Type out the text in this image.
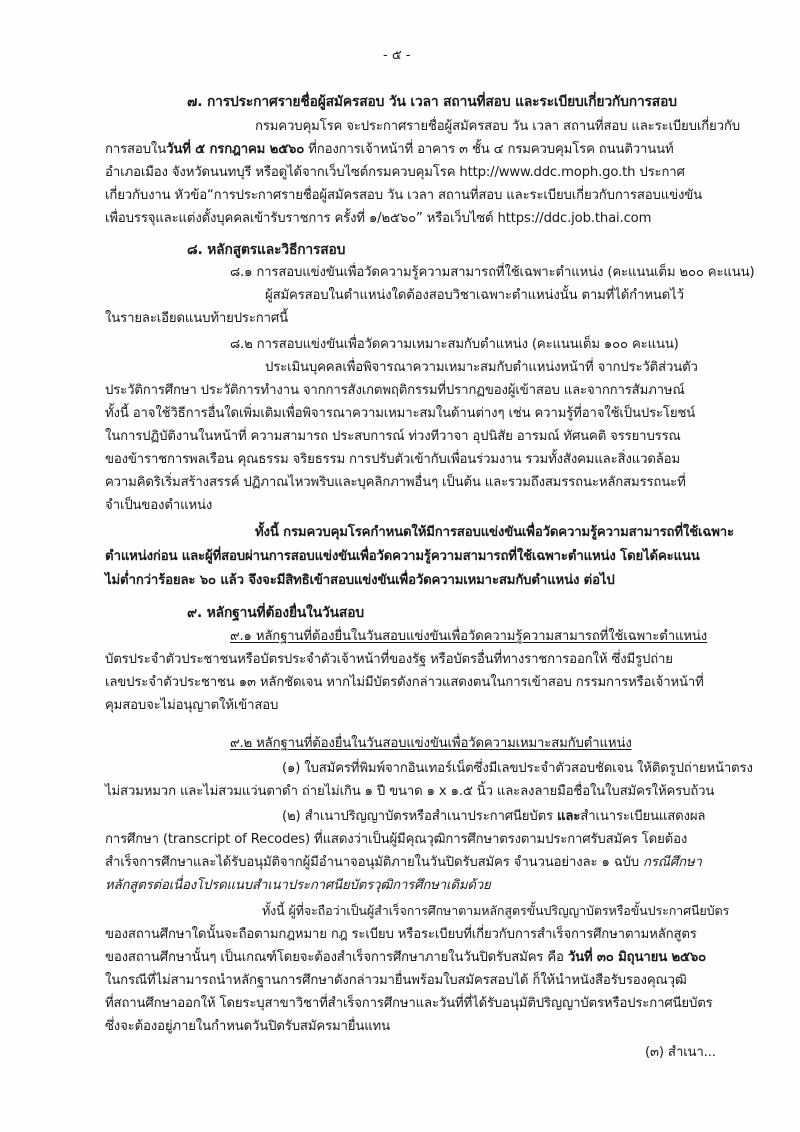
- ๕ -
๗. การประกาศรายชื่อผู้สมัครสอบ วัน เวลา สถานที่สอบ และระเบียบเกี่ยวกับการสอบ
กรมควบคุมโรค จะประกาศรายชื่อผู้สมัครสอบ วัน เวลา สถานที่สอบ และระเบียบเกี่ยวกับ
การสอบในวันที่ ๕ กรกฎาคม ๒๕๖๐ ที่กองการเจ้าหน้าที่ อาคาร ๓ ชั้น ๔ กรมควบคุมโรค ถนนติวานนท์
อำเภอเมือง จังหวัดนนทบุรี หรือดูได้จากเว็บไซต์กรมควบคุมโรค http://www.ddc.moph.go.th ประกาศ
เกี่ยวกับงาน หัวข้อ“การประกาศรายชื่อผู้สมัครสอบ วัน เวลา สถานที่สอบ และระเบียบเกี่ยวกับการสอบแข่งขัน
เพื่อบรรจุและแต่งตั้งบุคคลเข้ารับราชการ ครั้งที่ ๑/๒๕๖๐” หรือเว็บไซต์ https://ddc.job.thai.com
๘. หลักสูตรและวิธีการสอบ
๘.๑ การสอบแข่งขันเพื่อวัดความรู้ความสามารถที่ใช้เฉพาะตำแหน่ง (คะแนนเต็ม ๒๐๐ คะแนน)
ผู้สมัครสอบในตำแหน่งใดต้องสอบวิชาเฉพาะตำแหน่งนั้น ตามที่ได้กำหนดไว้
ในรายละเอียดแนบท้ายประกาศนี้
๘.๒ การสอบแข่งขันเพื่อวัดความเหมาะสมกับตำแหน่ง (คะแนนเต็ม ๑๐๐ คะแนน)
ประเมินบุคคลเพื่อพิจารณาความเหมาะสมกับตำแหน่งหน้าที่ จากประวัติส่วนตัว
ประวัติการศึกษา ประวัติการทำงาน จากการสังเกตพฤติกรรมที่ปรากฏของผู้เข้าสอบ และจากการสัมภาษณ์
ทั้งนี้ อาจใช้วิธีการอื่นใดเพิ่มเติมเพื่อพิจารณาความเหมาะสมในด้านต่างๆ เช่น ความรู้ที่อาจใช้เป็นประโยชน์
ในการปฏิบัติงานในหน้าที่ ความสามารถ ประสบการณ์ ท่วงทีวาจา อุปนิสัย อารมณ์ ทัศนคติ จรรยาบรรณ
ของข้าราชการพลเรือน คุณธรรม จริยธรรม การปรับตัวเข้ากับเพื่อนร่วมงาน รวมทั้งสังคมและสิ่งแวดล้อม
ความคิดริเริ่มสร้างสรรค์ ปฏิภาณไหวพริบและบุคลิกภาพอื่นๆ เป็นต้น และรวมถึงสมรรถนะหลักสมรรถนะที่
จำเป็นของตำแหน่ง
ทั้งนี้ กรมควบคุมโรคกำหนดให้มีการสอบแข่งขันเพื่อวัดความรู้ความสามารถที่ใช้เฉพาะ
ตำแหน่งก่อน และผู้ที่สอบผ่านการสอบแข่งขันเพื่อวัดความรู้ความสามารถที่ใช้เฉพาะตำแหน่ง โดยได้คะแนน
ไม่ต่ำกว่าร้อยละ ๖๐ แล้ว จึงจะมีสิทธิเข้าสอบแข่งขันเพื่อวัดความเหมาะสมกับตำแหน่ง ต่อไป
๙. หลักฐานที่ต้องยื่นในวันสอบ
๙.๑ หลักฐานที่ต้องยื่นในวันสอบแข่งขันเพื่อวัดความรู้ความสามารถที่ใช้เฉพาะตำแหน่ง
บัตรประจำตัวประชาชนหรือบัตรประจำตัวเจ้าหน้าที่ของรัฐ หรือบัตรอื่นที่ทางราชการออกให้ ซึ่งมีรูปถ่าย
เลขประจำตัวประชาชน ๑๓ หลักชัดเจน หากไม่มีบัตรดังกล่าวแสดงตนในการเข้าสอบ กรรมการหรือเจ้าหน้าที่
คุมสอบจะไม่อนุญาตให้เข้าสอบ
๙.๒ หลักฐานที่ต้องยื่นในวันสอบแข่งขันเพื่อวัดความเหมาะสมกับตำแหน่ง
(๑) ใบสมัครที่พิมพ์จากอินเทอร์เน็ตซึ่งมีเลขประจำตัวสอบชัดเจน ให้ติดรูปถ่ายหน้าตรง
ไม่สวมหมวก และไม่สวมแว่นตาดำ ถ่ายไม่เกิน ๑ ปี ขนาด ๑ x ๑.๕ นิ้ว และลงลายมือชื่อในใบสมัครให้ครบถ้วน
(๒) สำเนาปริญญาบัตรหรือสำเนาประกาศนียบัตร และสำเนาระเบียนแสดงผล
การศึกษา (transcript of Recodes) ที่แสดงว่าเป็นผู้มีคุณวุฒิการศึกษาตรงตามประกาศรับสมัคร โดยต้อง
สำเร็จการศึกษาและได้รับอนุมัติจากผู้มีอำนาจอนุมัติภายในวันปิดรับสมัคร จำนวนอย่างละ ๑ ฉบับ กรณีศึกษา
หลักสูตรต่อเนื่องโปรดแนบสำเนาประกาศนียบัตรวุฒิการศึกษาเดิมด้วย
ทั้งนี้ ผู้ที่จะถือว่าเป็นผู้สำเร็จการศึกษาตามหลักสูตรขั้นปริญญาบัตรหรือขั้นประกาศนียบัตร
ของสถานศึกษาใดนั้นจะถือตามกฎหมาย กฎ ระเบียบ หรือระเบียบที่เกี่ยวกับการสำเร็จการศึกษาตามหลักสูตร
ของสถานศึกษานั้นๆ เป็นเกณฑ์โดยจะต้องสำเร็จการศึกษาภายในวันปิดรับสมัคร คือ วันที่ ๓๐ มิถุนายน ๒๕๖๐
ในกรณีที่ไม่สามารถนำหลักฐานการศึกษาดังกล่าวมายื่นพร้อมใบสมัครสอบได้ ก็ให้นำหนังสือรับรองคุณวุฒิ
ที่สถานศึกษาออกให้ โดยระบุสาขาวิชาที่สำเร็จการศึกษาและวันที่ที่ได้รับอนุมัติปริญญาบัตรหรือประกาศนียบัตร
ซึ่งจะต้องอยู่ภายในกำหนดวันปิดรับสมัครมายื่นแทน
(๓) สำเนา...
